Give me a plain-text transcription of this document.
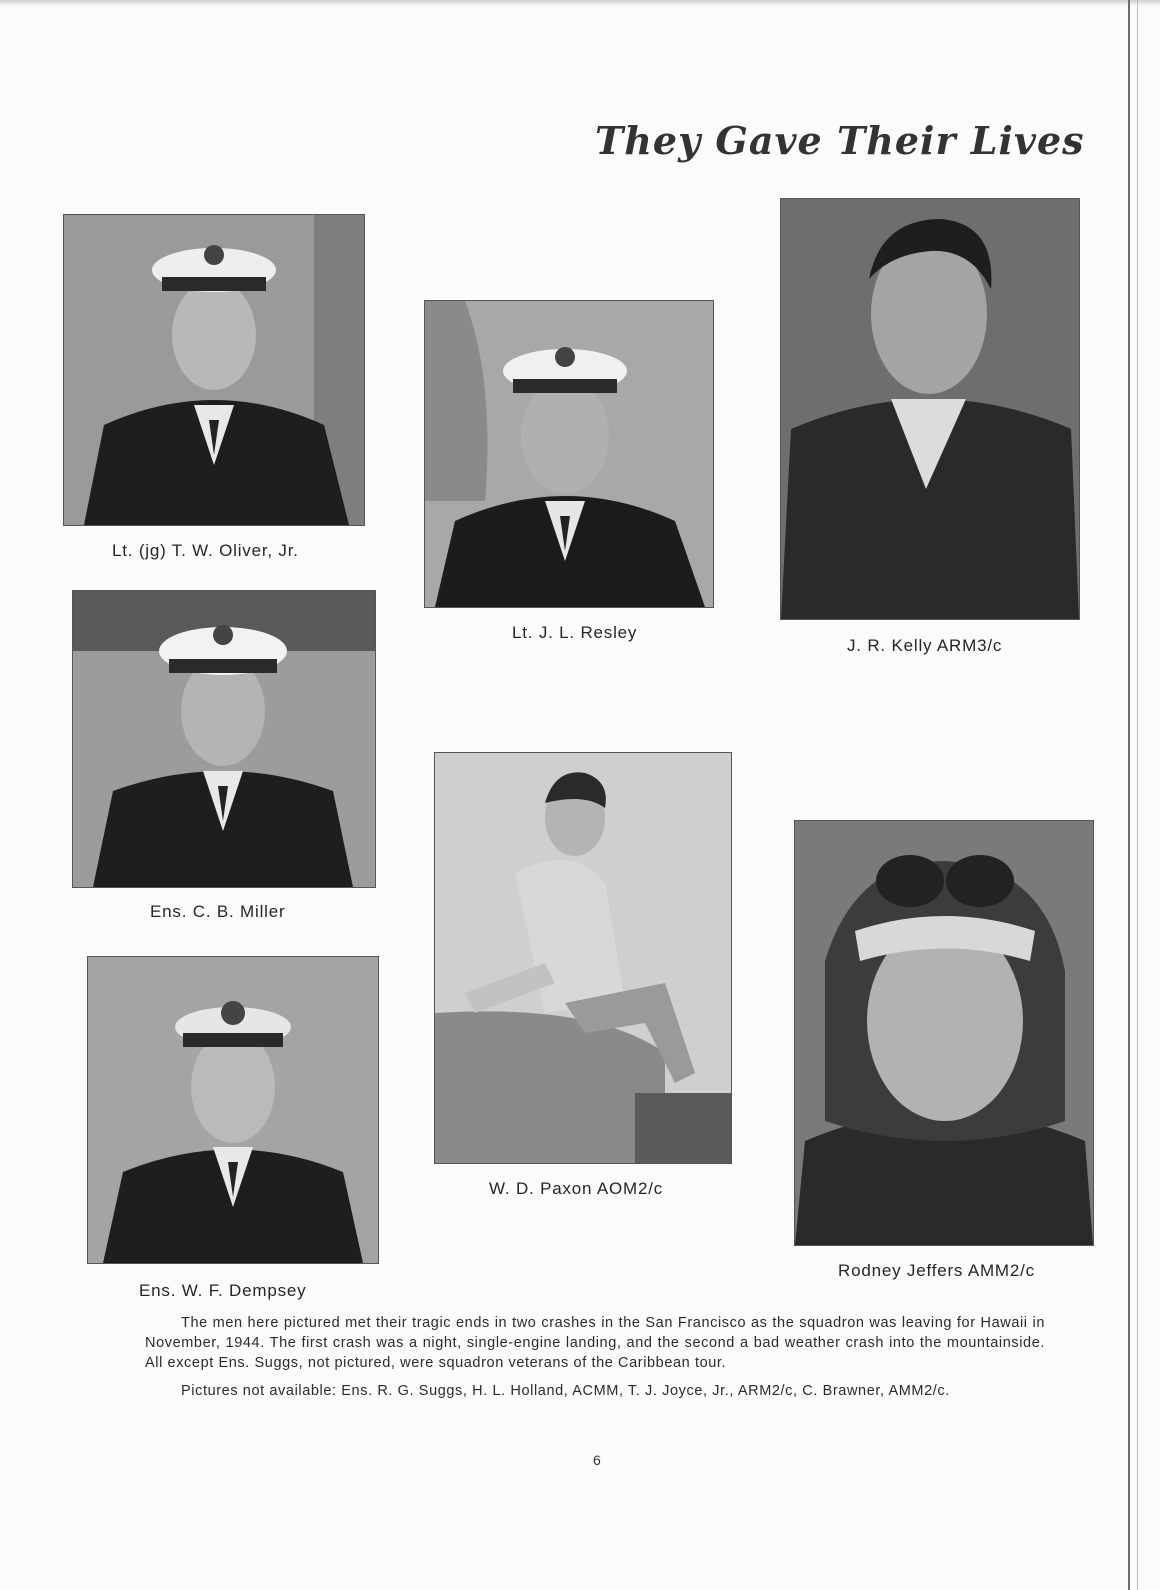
They Gave Their Lives
Lt. (jg) T. W. Oliver, Jr.
Lt. J. L. Resley
J. R. Kelly ARM3/c
Ens. C. B. Miller
W. D. Paxon AOM2/c
Rodney Jeffers AMM2/c
Ens. W. F. Dempsey

The men here pictured met their tragic ends in two crashes in the San Francisco as the squadron was leaving for Hawaii in November, 1944. The first crash was a night, single-engine landing, and the second a bad weather crash into the mountainside. All except Ens. Suggs, not pictured, were squadron veterans of the Caribbean tour.

Pictures not available: Ens. R. G. Suggs, H. L. Holland, ACMM, T. J. Joyce, Jr., ARM2/c, C. Brawner, AMM2/c.

6
